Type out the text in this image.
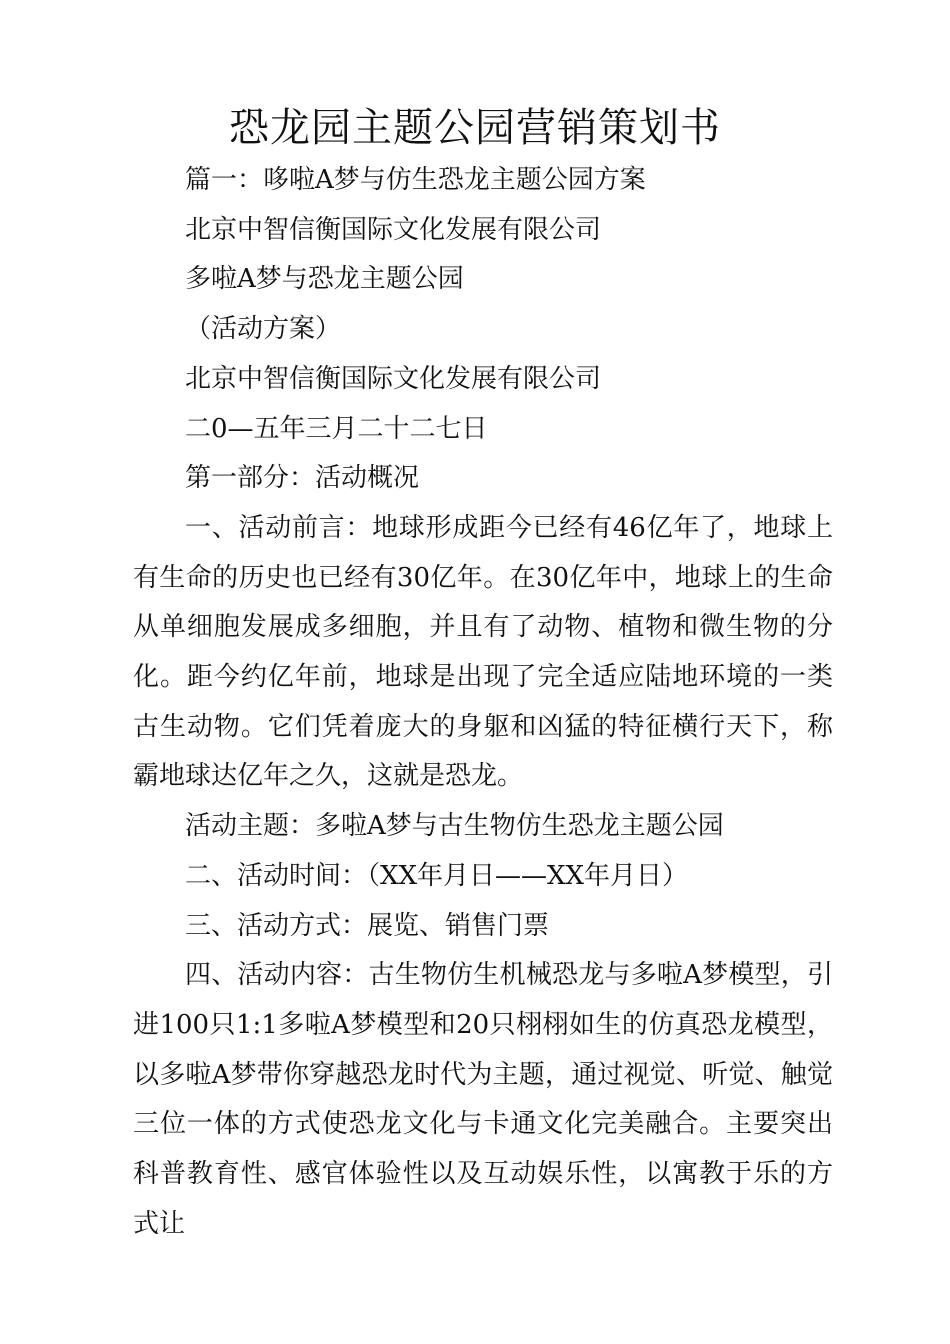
恐龙园主题公园营销策划书

篇一：哆啦A梦与仿生恐龙主题公园方案

北京中智信衡国际文化发展有限公司

多啦A梦与恐龙主题公园

（活动方案）

北京中智信衡国际文化发展有限公司

二0—五年三月二十二七日

第一部分：活动概况

一、活动前言：地球形成距今已经有46亿年了，地球上有生命的历史也已经有30亿年。在30亿年中，地球上的生命从单细胞发展成多细胞，并且有了动物、植物和微生物的分化。距今约亿年前，地球是出现了完全适应陆地环境的一类古生动物。它们凭着庞大的身躯和凶猛的特征横行天下，称霸地球达亿年之久，这就是恐龙。

活动主题：多啦A梦与古生物仿生恐龙主题公园

二、活动时间：（XX年月日——XX年月日）

三、活动方式：展览、销售门票

四、活动内容：古生物仿生机械恐龙与多啦A梦模型，引进100只1:1多啦A梦模型和20只栩栩如生的仿真恐龙模型，以多啦A梦带你穿越恐龙时代为主题，通过视觉、听觉、触觉三位一体的方式使恐龙文化与卡通文化完美融合。主要突出科普教育性、感官体验性以及互动娱乐性，以寓教于乐的方式让
